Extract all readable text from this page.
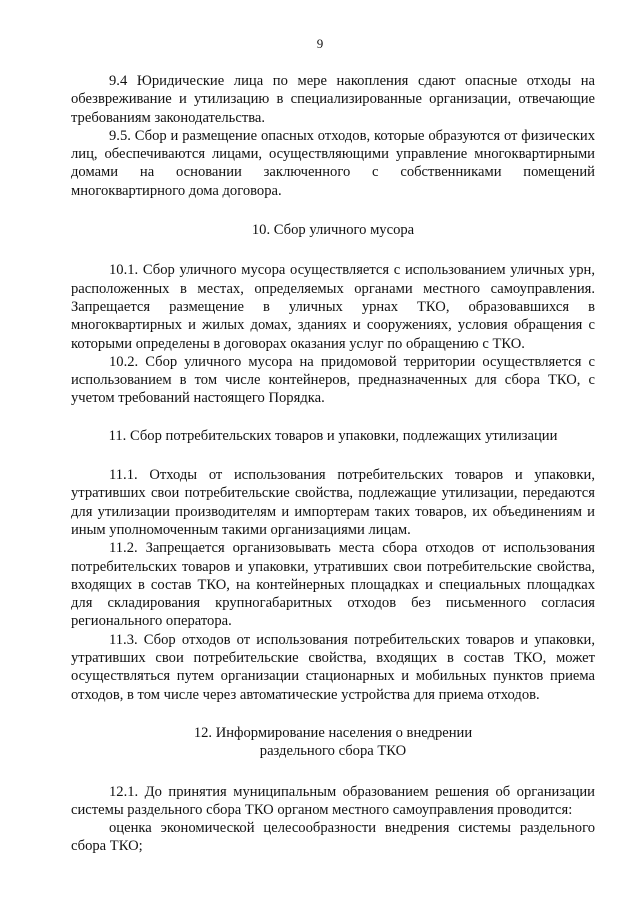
9

9.4 Юридические лица по мере накопления сдают опасные отходы на обезвреживание и утилизацию в специализированные организации, отвечающие требованиям законодательства.

9.5. Сбор и размещение опасных отходов, которые образуются от физических лиц, обеспечиваются лицами, осуществляющими управление многоквартирными домами на основании заключенного с собственниками помещений многоквартирного дома договора.

10. Сбор уличного мусора

10.1. Сбор уличного мусора осуществляется с использованием уличных урн, расположенных в местах, определяемых органами местного самоуправления. Запрещается размещение в уличных урнах ТКО, образовавшихся в многоквартирных и жилых домах, зданиях и сооружениях, условия обращения с которыми определены в договорах оказания услуг по обращению с ТКО.

10.2. Сбор уличного мусора на придомовой территории осуществляется с использованием в том числе контейнеров, предназначенных для сбора ТКО, с учетом требований настоящего Порядка.

11. Сбор потребительских товаров и упаковки, подлежащих утилизации

11.1. Отходы от использования потребительских товаров и упаковки, утративших свои потребительские свойства, подлежащие утилизации, передаются для утилизации производителям и импортерам таких товаров, их объединениям и иным уполномоченным такими организациями лицам.

11.2. Запрещается организовывать места сбора отходов от использования потребительских товаров и упаковки, утративших свои потребительские свойства, входящих в состав ТКО, на контейнерных площадках и специальных площадках для складирования крупногабаритных отходов без письменного согласия регионального оператора.

11.3. Сбор отходов от использования потребительских товаров и упаковки, утративших свои потребительские свойства, входящих в состав ТКО, может осуществляться путем организации стационарных и мобильных пунктов приема отходов, в том числе через автоматические устройства для приема отходов.

12. Информирование населения о внедрении

раздельного сбора ТКО

12.1. До принятия муниципальным образованием решения об организации системы раздельного сбора ТКО органом местного самоуправления проводится:

оценка экономической целесообразности внедрения системы раздельного сбора ТКО;
